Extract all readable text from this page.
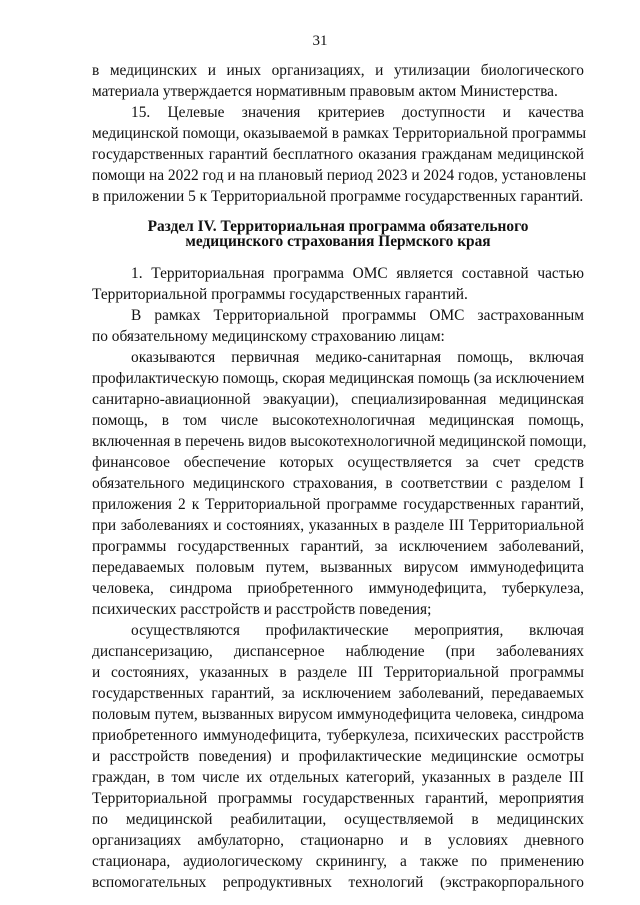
31
в медицинских и иных организациях, и утилизации биологического
материала утверждается нормативным правовым актом Министерства.
15. Целевые значения критериев доступности и качества
медицинской помощи, оказываемой в рамках Территориальной программы
государственных гарантий бесплатного оказания гражданам медицинской
помощи на 2022 год и на плановый период 2023 и 2024 годов, установлены
в приложении 5 к Территориальной программе государственных гарантий.
Раздел IV. Территориальная программа обязательного
медицинского страхования Пермского края
1. Территориальная программа ОМС является составной частью
Территориальной программы государственных гарантий.
В рамках Территориальной программы ОМС застрахованным
по обязательному медицинскому страхованию лицам:
оказываются первичная медико-санитарная помощь, включая
профилактическую помощь, скорая медицинская помощь (за исключением
санитарно-авиационной эвакуации), специализированная медицинская
помощь, в том числе высокотехнологичная медицинская помощь,
включенная в перечень видов высокотехнологичной медицинской помощи,
финансовое обеспечение которых осуществляется за счет средств
обязательного медицинского страхования, в соответствии с разделом I
приложения 2 к Территориальной программе государственных гарантий,
при заболеваниях и состояниях, указанных в разделе III Территориальной
программы государственных гарантий, за исключением заболеваний,
передаваемых половым путем, вызванных вирусом иммунодефицита
человека, синдрома приобретенного иммунодефицита, туберкулеза,
психических расстройств и расстройств поведения;
осуществляются профилактические мероприятия, включая
диспансеризацию, диспансерное наблюдение (при заболеваниях
и состояниях, указанных в разделе III Территориальной программы
государственных гарантий, за исключением заболеваний, передаваемых
половым путем, вызванных вирусом иммунодефицита человека, синдрома
приобретенного иммунодефицита, туберкулеза, психических расстройств
и расстройств поведения) и профилактические медицинские осмотры
граждан, в том числе их отдельных категорий, указанных в разделе III
Территориальной программы государственных гарантий, мероприятия
по медицинской реабилитации, осуществляемой в медицинских
организациях амбулаторно, стационарно и в условиях дневного
стационара, аудиологическому скринингу, а также по применению
вспомогательных репродуктивных технологий (экстракорпорального
